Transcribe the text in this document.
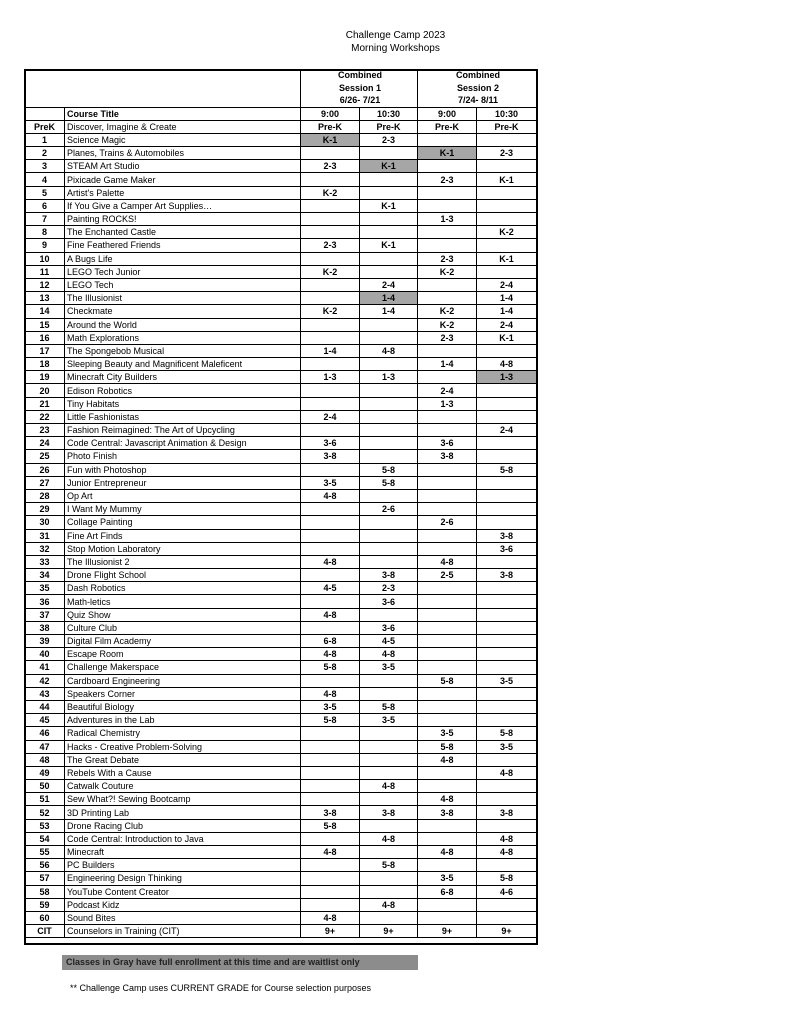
Challenge Camp 2023
Morning Workshops
		Combined		Combined	
		Session 1		Session 2	
		6/26- 7/21		7/24- 8/11	
	Course Title	9:00	10:30	9:00	10:30
PreK	Discover, Imagine & Create	Pre-K	Pre-K	Pre-K	Pre-K
1	Science Magic	K-1	2-3		
2	Planes, Trains & Automobiles			K-1	2-3
3	STEAM Art Studio	2-3	K-1		
4	Pixicade Game Maker			2-3	K-1
5	Artist's Palette	K-2			
6	If You Give a Camper Art Supplies…		K-1		
7	Painting ROCKS!			1-3	
8	The Enchanted Castle				K-2
9	Fine Feathered Friends	2-3	K-1		
10	A Bugs Life			2-3	K-1
11	LEGO Tech Junior	K-2		K-2	
12	LEGO Tech		2-4		2-4
13	The Illusionist		1-4		1-4
14	Checkmate	K-2	1-4	K-2	1-4
15	Around the World			K-2	2-4
16	Math Explorations			2-3	K-1
17	The Spongebob Musical	1-4	4-8		
18	Sleeping Beauty and Magnificent Maleficent			1-4	4-8
19	Minecraft City Builders	1-3	1-3		1-3
20	Edison Robotics			2-4	
21	Tiny Habitats			1-3	
22	Little Fashionistas	2-4			
23	Fashion Reimagined: The Art of Upcycling				2-4
24	Code Central: Javascript Animation & Design	3-6		3-6	
25	Photo Finish	3-8		3-8	
26	Fun with Photoshop		5-8		5-8
27	Junior Entrepreneur	3-5	5-8		
28	Op Art	4-8			
29	I Want My Mummy		2-6		
30	Collage Painting			2-6	
31	Fine Art Finds				3-8
32	Stop Motion Laboratory				3-6
33	The Illusionist 2	4-8		4-8	
34	Drone Flight School		3-8	2-5	3-8
35	Dash Robotics	4-5	2-3		
36	Math-letics		3-6		
37	Quiz Show	4-8			
38	Culture Club		3-6		
39	Digital Film Academy	6-8	4-5		
40	Escape Room	4-8	4-8		
41	Challenge Makerspace	5-8	3-5		
42	Cardboard Engineering			5-8	3-5
43	Speakers Corner	4-8			
44	Beautiful Biology	3-5	5-8		
45	Adventures in the Lab	5-8	3-5		
46	Radical Chemistry			3-5	5-8
47	Hacks - Creative Problem-Solving			5-8	3-5
48	The Great Debate			4-8	
49	Rebels With a Cause				4-8
50	Catwalk Couture		4-8		
51	Sew What?! Sewing Bootcamp			4-8	
52	3D Printing Lab	3-8	3-8	3-8	3-8
53	Drone Racing Club	5-8			
54	Code Central: Introduction to Java		4-8		4-8
55	Minecraft	4-8		4-8	4-8
56	PC Builders		5-8		
57	Engineering Design Thinking			3-5	5-8
58	YouTube Content Creator			6-8	4-6
59	Podcast Kidz		4-8		
60	Sound Bites	4-8			
CIT	Counselors in Training (CIT)	9+	9+	9+	9+
Classes in Gray have full enrollment at this time and are waitlist only
** Challenge Camp uses CURRENT GRADE for Course selection purposes
